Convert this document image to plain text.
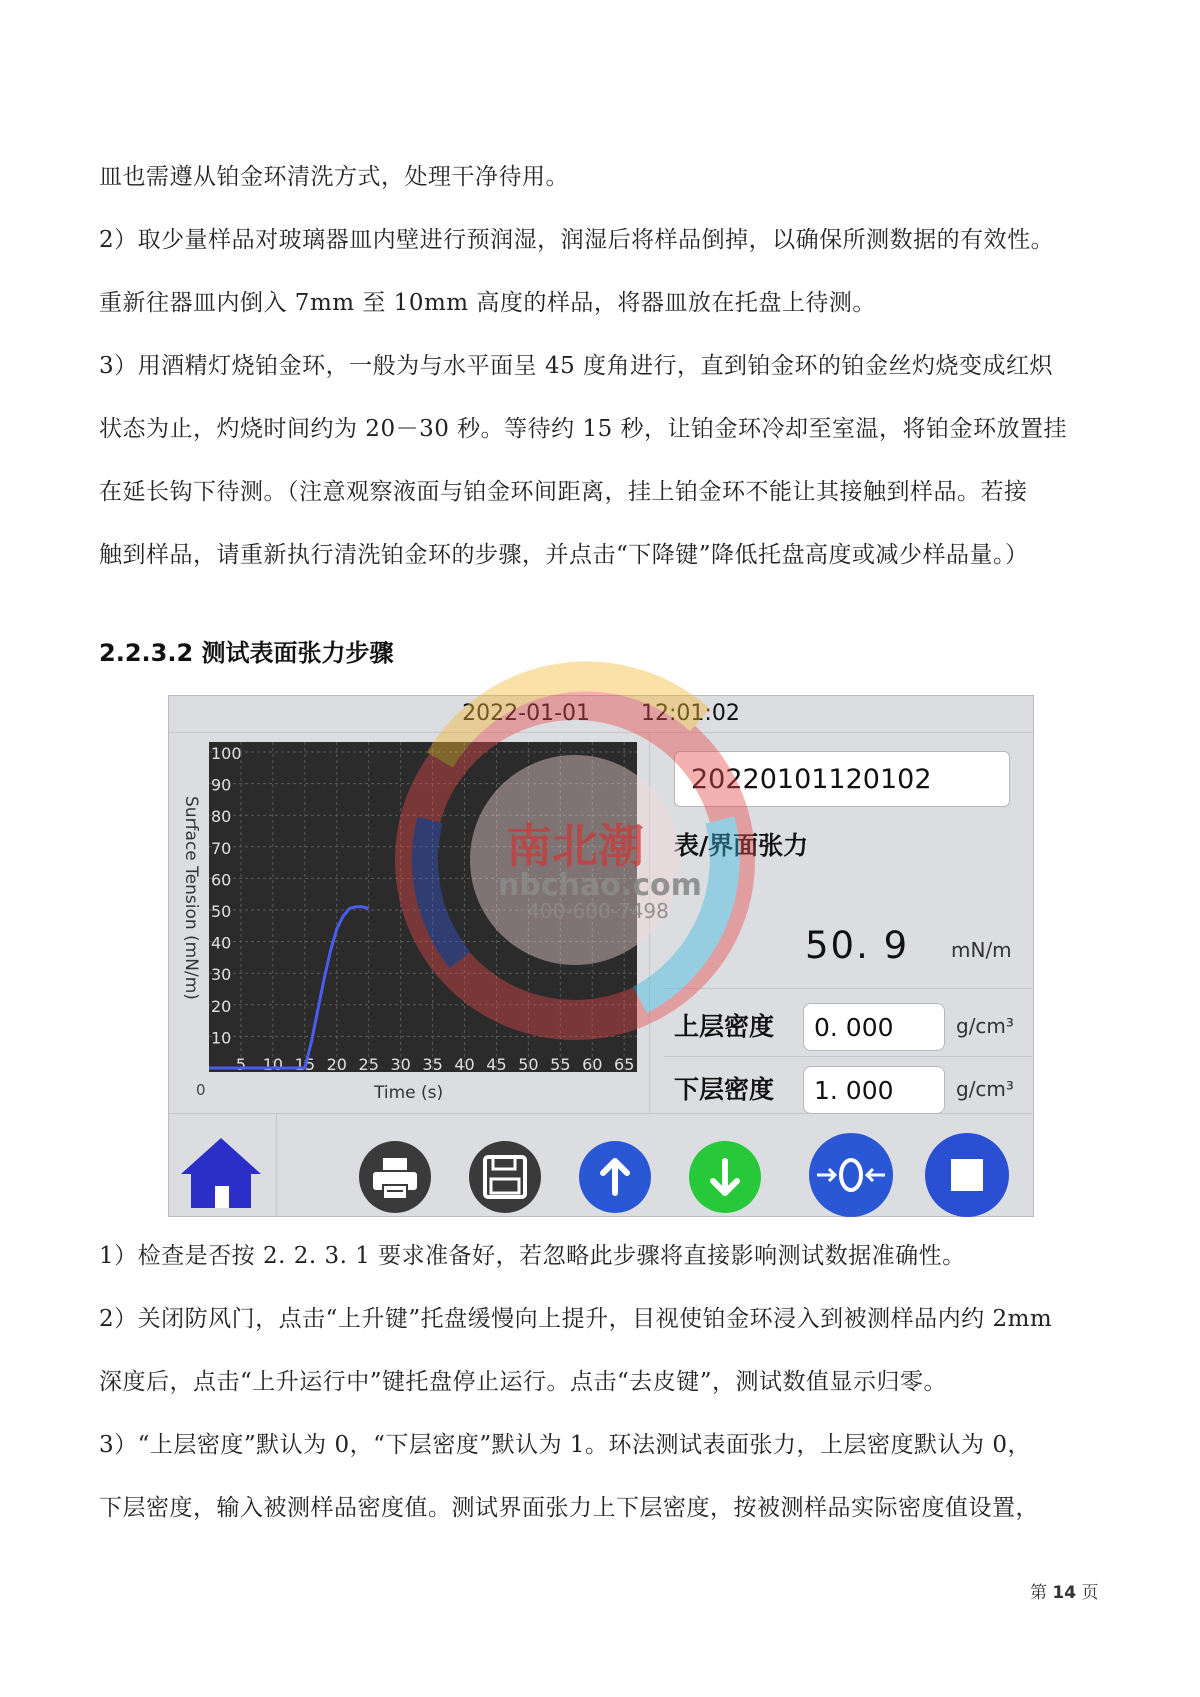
皿也需遵从铂金环清洗方式，处理干净待用。
2）取少量样品对玻璃器皿内壁进行预润湿，润湿后将样品倒掉，以确保所测数据的有效性。
重新往器皿内倒入 7mm 至 10mm 高度的样品，将器皿放在托盘上待测。
3）用酒精灯烧铂金环，一般为与水平面呈 45 度角进行，直到铂金环的铂金丝灼烧变成红炽
状态为止，灼烧时间约为 20－30 秒。等待约 15 秒，让铂金环冷却至室温，将铂金环放置挂
在延长钩下待测。（注意观察液面与铂金环间距离，挂上铂金环不能让其接触到样品。若接
触到样品，请重新执行清洗铂金环的步骤，并点击“下降键”降低托盘高度或减少样品量。）
2.2.3.2 测试表面张力步骤
2022-01-01 12:01:02
Surface Tension (mN/m)
100
90
80
70
60
50
40
30
20
10
5 10 15 20 25 30 35 40 45 50 55 60 65
0	Time (s)
20220101120102
表/界面张力
50. 9 mN/m
上层密度	0. 000	g/cm³
下层密度	1. 000	g/cm³
南北潮
nbchao.com
400-600-7498
1）检查是否按 2. 2. 3. 1 要求准备好，若忽略此步骤将直接影响测试数据准确性。
2）关闭防风门，点击“上升键”托盘缓慢向上提升，目视使铂金环浸入到被测样品内约 2mm
深度后，点击“上升运行中”键托盘停止运行。点击“去皮键”，测试数值显示归零。
3）“上层密度”默认为 0，“下层密度”默认为 1。环法测试表面张力，上层密度默认为 0，
下层密度，输入被测样品密度值。测试界面张力上下层密度，按被测样品实际密度值设置，
第 14 页
